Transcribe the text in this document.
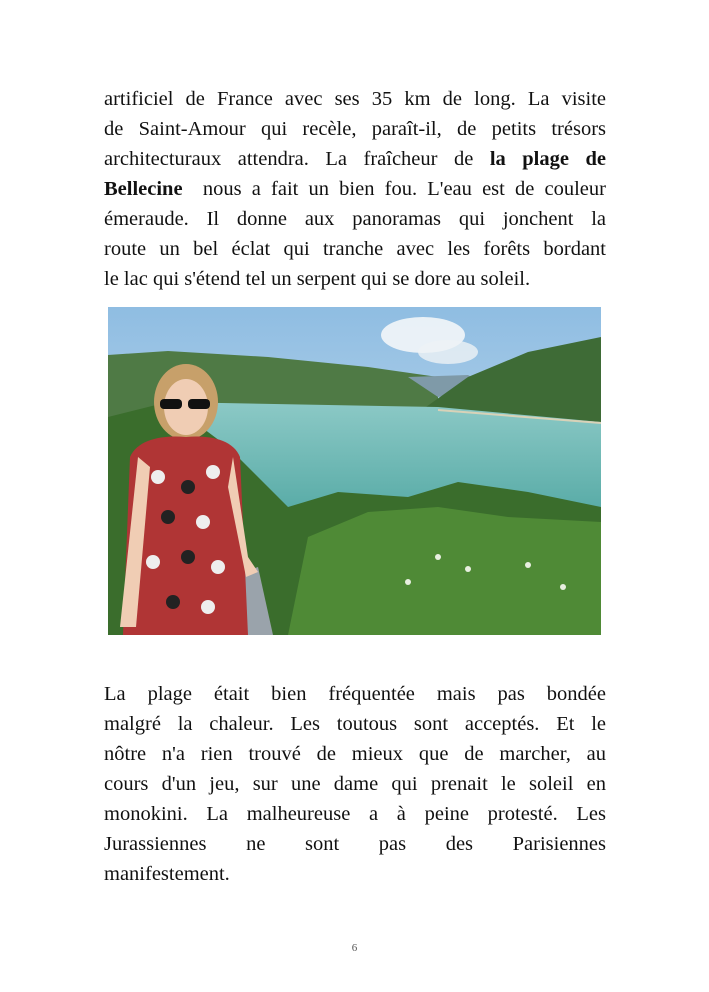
artificiel de France avec ses 35 km de long. La visite
de Saint-Amour qui recèle, paraît-il, de petits trésors
architecturaux attendra. La fraîcheur de la plage de
Bellecine  nous a fait un bien fou. L'eau est de couleur
émeraude. Il donne aux panoramas qui jonchent la
route un bel éclat qui tranche avec les forêts bordant
le lac qui s'étend tel un serpent qui se dore au soleil.

La plage était bien fréquentée mais pas bondée
malgré la chaleur. Les toutous sont acceptés. Et le
nôtre n'a rien trouvé de mieux que de marcher, au
cours d'un jeu, sur une dame qui prenait le soleil en
monokini. La malheureuse a à peine protesté. Les
Jurassiennes ne sont pas des Parisiennes
manifestement.

6
